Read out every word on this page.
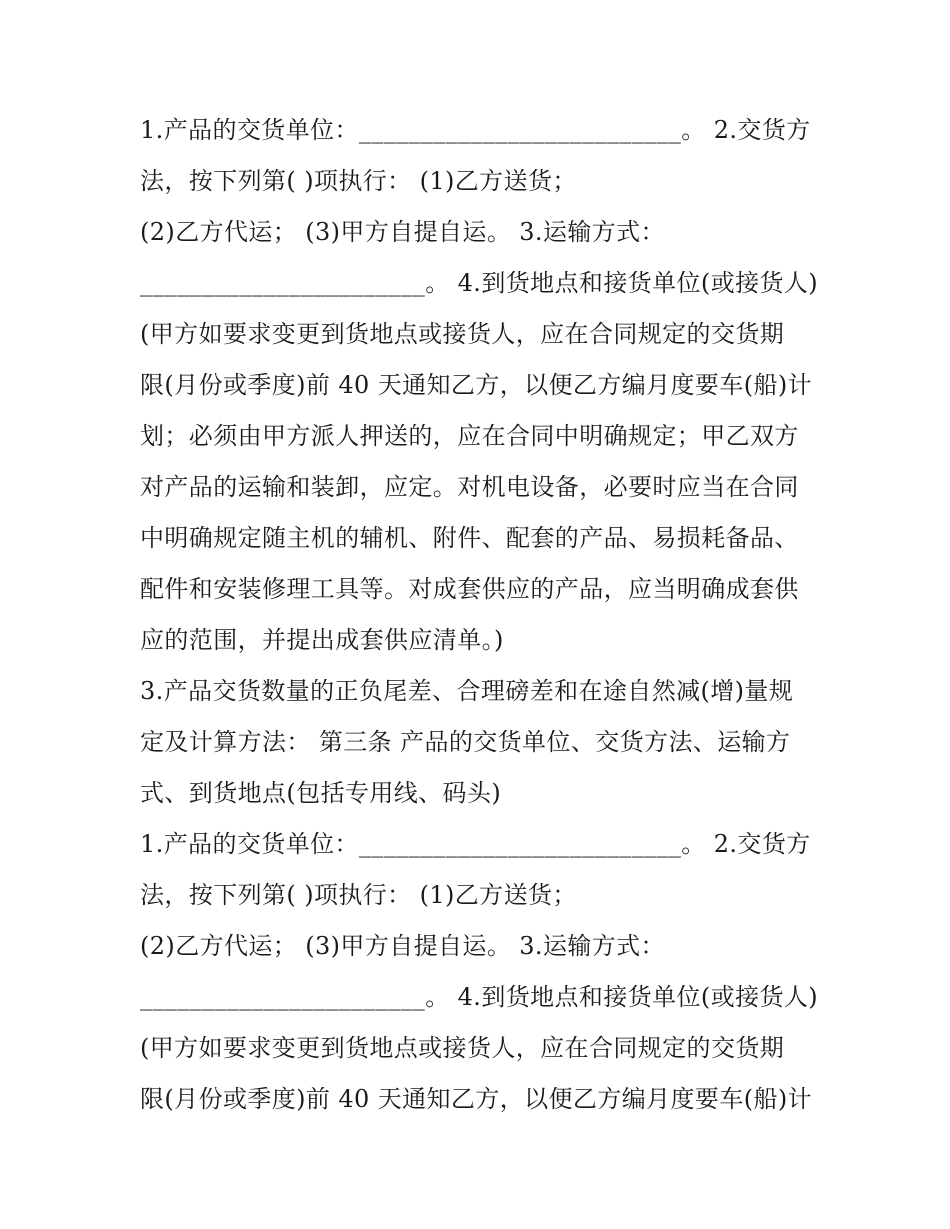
1.产品的交货单位：__________________________。 2.交货方
法，按下列第( )项执行： (1)乙方送货；
(2)乙方代运； (3)甲方自提自运。 3.运输方式：
_______________________。 4.到货地点和接货单位(或接货人)
(甲方如要求变更到货地点或接货人，应在合同规定的交货期
限(月份或季度)前 40 天通知乙方，以便乙方编月度要车(船)计
划；必须由甲方派人押送的，应在合同中明确规定；甲乙双方
对产品的运输和装卸，应定。对机电设备，必要时应当在合同
中明确规定随主机的辅机、附件、配套的产品、易损耗备品、
配件和安装修理工具等。对成套供应的产品，应当明确成套供
应的范围，并提出成套供应清单。)
3.产品交货数量的正负尾差、合理磅差和在途自然减(增)量规
定及计算方法： 第三条 产品的交货单位、交货方法、运输方
式、到货地点(包括专用线、码头)
1.产品的交货单位：__________________________。 2.交货方
法，按下列第( )项执行： (1)乙方送货；
(2)乙方代运； (3)甲方自提自运。 3.运输方式：
_______________________。 4.到货地点和接货单位(或接货人)
(甲方如要求变更到货地点或接货人，应在合同规定的交货期
限(月份或季度)前 40 天通知乙方，以便乙方编月度要车(船)计
